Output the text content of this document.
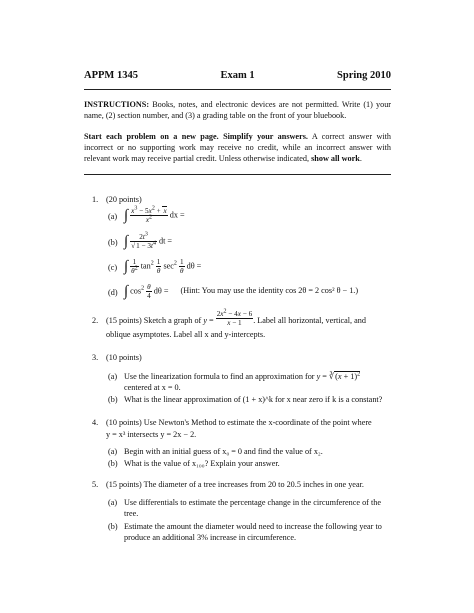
APPM 1345	Exam 1	Spring 2010
INSTRUCTIONS: Books, notes, and electronic devices are not permitted. Write (1) your name, (2) section number, and (3) a grading table on the front of your bluebook.
Start each problem on a new page. Simplify your answers. A correct answer with incorrect or no supporting work may receive no credit, while an incorrect answer with relevant work may receive partial credit. Unless otherwise indicated, show all work.
1. (20 points)
(a) ∫ $\frac{x^3 - 5x^2 + x}{x^2}$ dx =
(b) ∫ $\frac{2t^3}{√1 - 3t^4}$ dt =
(c) ∫ $\frac{1}{\theta^2} \tan^2 \frac{1}{\theta} \sec^2 \frac{1}{\theta}$ dθ =
(d) ∫ $\cos^2 \frac{\theta}{4}$ dθ = (Hint: You may use the identity cos 2θ = 2 cos² θ − 1.)
2. (15 points) Sketch a graph of $y = \frac{2x^2 - 4x - 6}{x - 1}$ . Label all horizontal, vertical, and
oblique asymptotes. Label all x and y-intercepts.
3. (10 points)
(a) Use the linearization formula to find an approximation for y = ∛(x + 1)$^2$
centered at x = 0.
(b) What is the linear approximation of (1 + x)^k for x near zero if k is a constant?
4. (10 points) Use Newton's Method to estimate the x-coordinate of the point where
y = x³ intersects y = 2x − 2.
(a) Begin with an initial guess of x₀ = 0 and find the value of x₂.
(b) What is the value of x₁₀₀? Explain your answer.
5. (15 points) The diameter of a tree increases from 20 to 20.5 inches in one year.
(a) Use differentials to estimate the percentage change in the circumference of the
tree.
(b) Estimate the amount the diameter would need to increase the following year to
produce an additional 3% increase in circumference.
